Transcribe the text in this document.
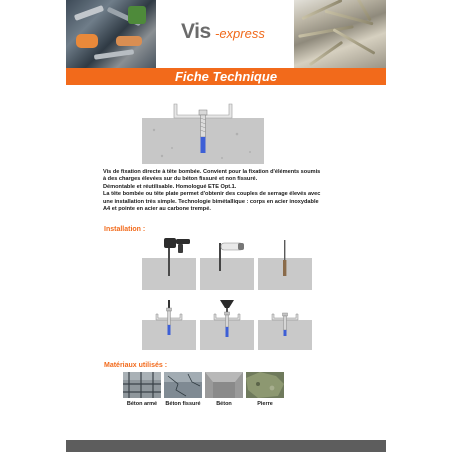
Vis -express
Fiche Technique

Vis de fixation directe à tête bombée. Convient pour la fixation d'éléments soumis

à des charges élevées sur du béton fissuré et non fissuré.

Démontable et réutilisable. Homologué ETE Opt.1.

La tête bombée ou tête plate permet d'obtenir des couples de serrage élevés avec

une installation très simple. Technologie bimétallique : corps en acier inoxydable

A4 et pointe en acier au carbone trempé.

Installation :
Matériaux utilisés :
Béton armé	Béton fissuré	Béton	Pierre
